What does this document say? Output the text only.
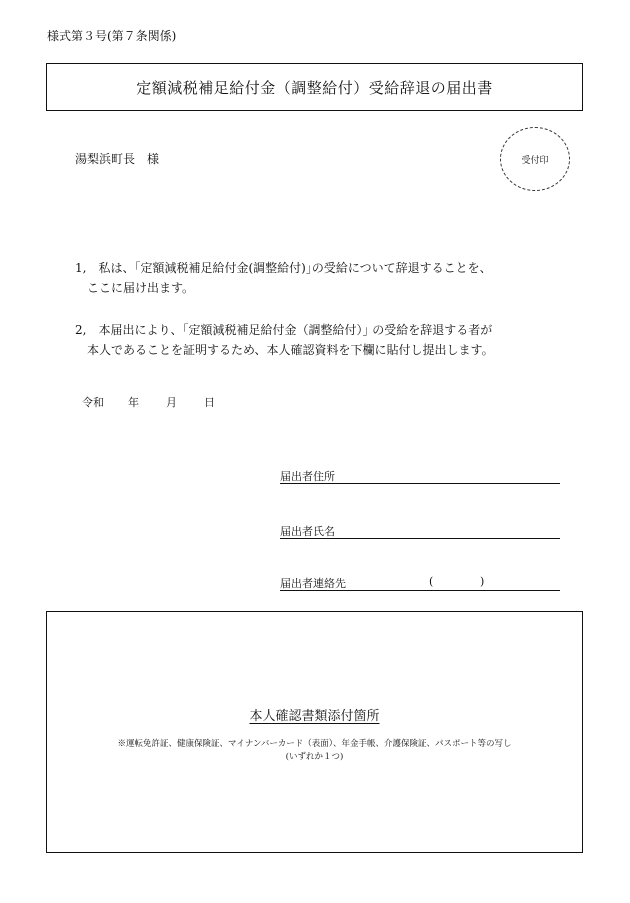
様式第３号(第７条関係)
定額減税補足給付金（調整給付）受給辞退の届出書
湯梨浜町長　様	受付印
1,　私は、｢定額減税補足給付金(調整給付)｣の受給について辞退することを、
ここに届け出ます。
2,　本届出により、｢定額減税補足給付金（調整給付）｣ の受給を辞退する者が
本人であることを証明するため、本人確認資料を下欄に貼付し提出します。
令和 年 月 日
届出者住所
届出者氏名
届出者連絡先	(	)
本人確認書類添付箇所
※運転免許証、健康保険証、マイナンバーカード（表面）、年金手帳、介護保険証、パスポート等の写し
(いずれか１つ)
